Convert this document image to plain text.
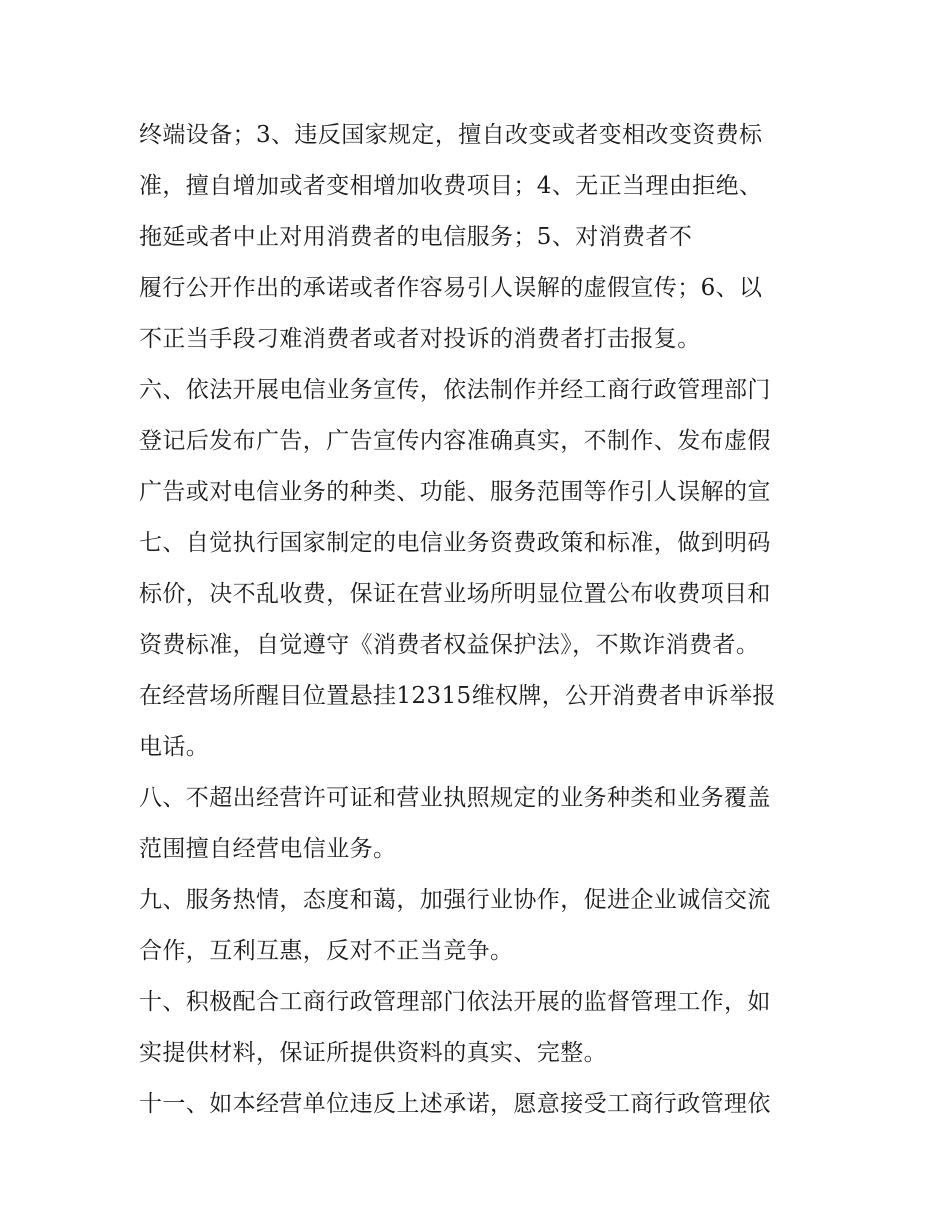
终端设备；3、违反国家规定，擅自改变或者变相改变资费标
准，擅自增加或者变相增加收费项目；4、无正当理由拒绝、
拖延或者中止对用消费者的电信服务；5、对消费者不
履行公开作出的承诺或者作容易引人误解的虚假宣传；6、以
不正当手段刁难消费者或者对投诉的消费者打击报复。
六、依法开展电信业务宣传，依法制作并经工商行政管理部门
登记后发布广告，广告宣传内容准确真实，不制作、发布虚假
广告或对电信业务的种类、功能、服务范围等作引人误解的宣
七、自觉执行国家制定的电信业务资费政策和标准，做到明码
标价，决不乱收费，保证在营业场所明显位置公布收费项目和
资费标准，自觉遵守《消费者权益保护法》，不欺诈消费者。
在经营场所醒目位置悬挂12315维权牌，公开消费者申诉举报
电话。
八、不超出经营许可证和营业执照规定的业务种类和业务覆盖
范围擅自经营电信业务。
九、服务热情，态度和蔼，加强行业协作，促进企业诚信交流
合作，互利互惠，反对不正当竞争。
十、积极配合工商行政管理部门依法开展的监督管理工作，如
实提供材料，保证所提供资料的真实、完整。
十一、如本经营单位违反上述承诺，愿意接受工商行政管理依
